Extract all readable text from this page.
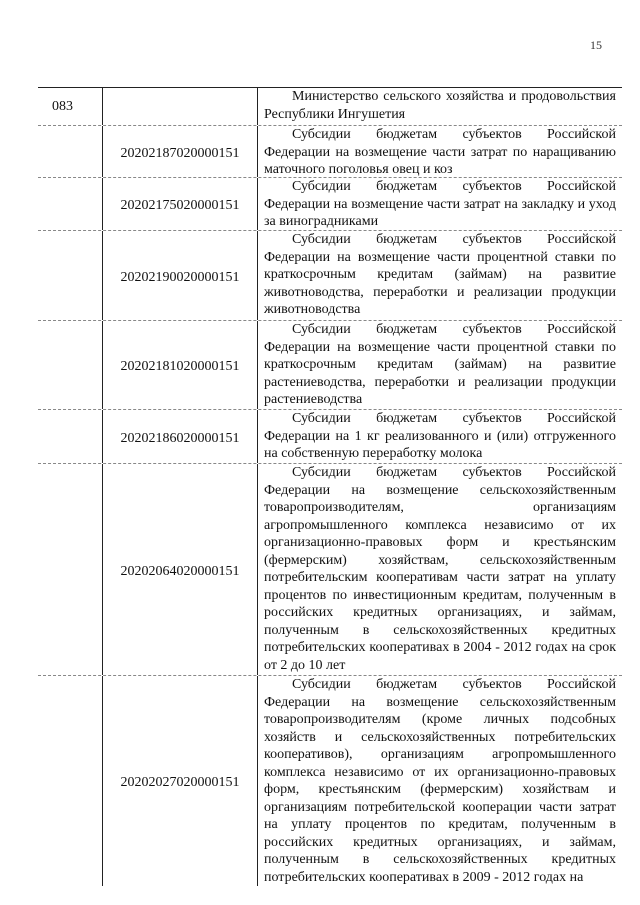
15
083
Министерство сельского хозяйства и продовольствия Республики Ингушетия
20202187020000151
Субсидии бюджетам субъектов Российской Федерации на возмещение части затрат по наращиванию маточного поголовья овец и коз
20202175020000151
Субсидии бюджетам субъектов Российской Федерации на возмещение части затрат на закладку и уход за виноградниками
20202190020000151
Субсидии бюджетам субъектов Российской Федерации на возмещение части процентной ставки по краткосрочным кредитам (займам) на развитие животноводства, переработки и реализации продукции животноводства
20202181020000151
Субсидии бюджетам субъектов Российской Федерации на возмещение части процентной ставки по краткосрочным кредитам (займам) на развитие растениеводства, переработки и реализации продукции растениеводства
20202186020000151
Субсидии бюджетам субъектов Российской Федерации на 1 кг реализованного и (или) отгруженного на собственную переработку молока
20202064020000151
Субсидии бюджетам субъектов Российской Федерации на возмещение сельскохозяйственным товаропроизводителям, организациям агропромышленного комплекса независимо от их организационно-правовых форм и крестьянским (фермерским) хозяйствам, сельскохозяйственным потребительским кооперативам части затрат на уплату процентов по инвестиционным кредитам, полученным в российских кредитных организациях, и займам, полученным в сельскохозяйственных кредитных потребительских кооперативах в 2004 - 2012 годах на срок от 2 до 10 лет
20202027020000151
Субсидии бюджетам субъектов Российской Федерации на возмещение сельскохозяйственным товаропроизводителям (кроме личных подсобных хозяйств и сельскохозяйственных потребительских кооперативов), организациям агропромышленного комплекса независимо от их организационно-правовых форм, крестьянским (фермерским) хозяйствам и организациям потребительской кооперации части затрат на уплату процентов по кредитам, полученным в российских кредитных организациях, и займам, полученным в сельскохозяйственных кредитных потребительских кооперативах в 2009 - 2012 годах на
